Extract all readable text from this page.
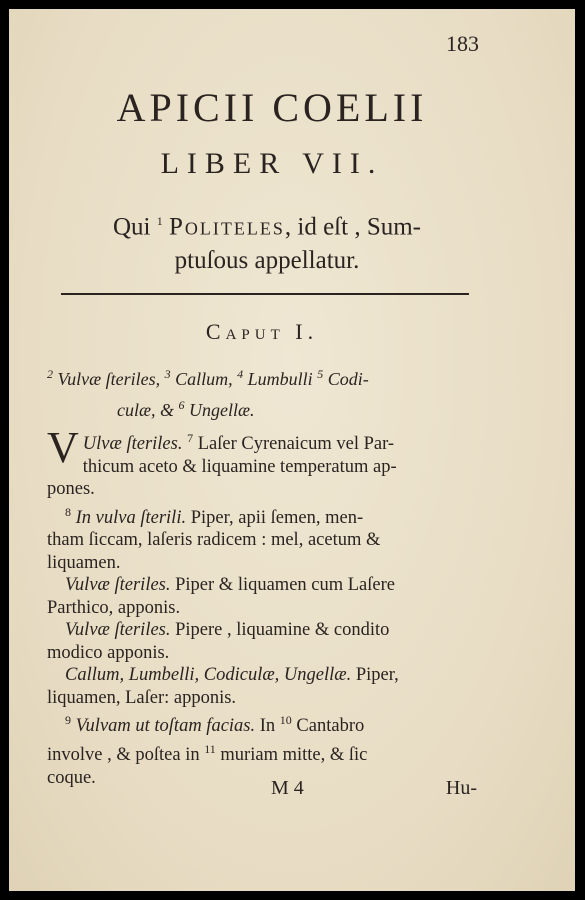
183
APICII COELII
LIBER VII.
Qui $^1$ Politeles, id eſt , Sum-
ptuſous appellatur.
Caput I.
$^2$ Vulvæ ſteriles, $^3$ Callum, $^4$ Lumbulli $^5$ Codi-
culæ, & $^6$ Ungellæ.
V Ulvæ ſteriles. $^7$ Laſer Cyrenaicum vel Par-
thicum aceto & liquamine temperatum ap-
pones.
$^8$ In vulva ſterili. Piper, apii ſemen, men-
tham ſiccam, laſeris radicem : mel, acetum &
liquamen.
Vulvæ ſteriles. Piper & liquamen cum Laſere
Parthico, apponis.
Vulvæ ſteriles. Pipere , liquamine & condito
modico apponis.
Callum, Lumbelli, Codiculæ, Ungellæ. Piper,
liquamen, Laſer: apponis.
$^9$ Vulvam ut toſtam facias. In $^{10}$ Cantabro
involve , & poſtea in $^{11}$ muriam mitte, & ſic
coque.	M 4	Hu-
